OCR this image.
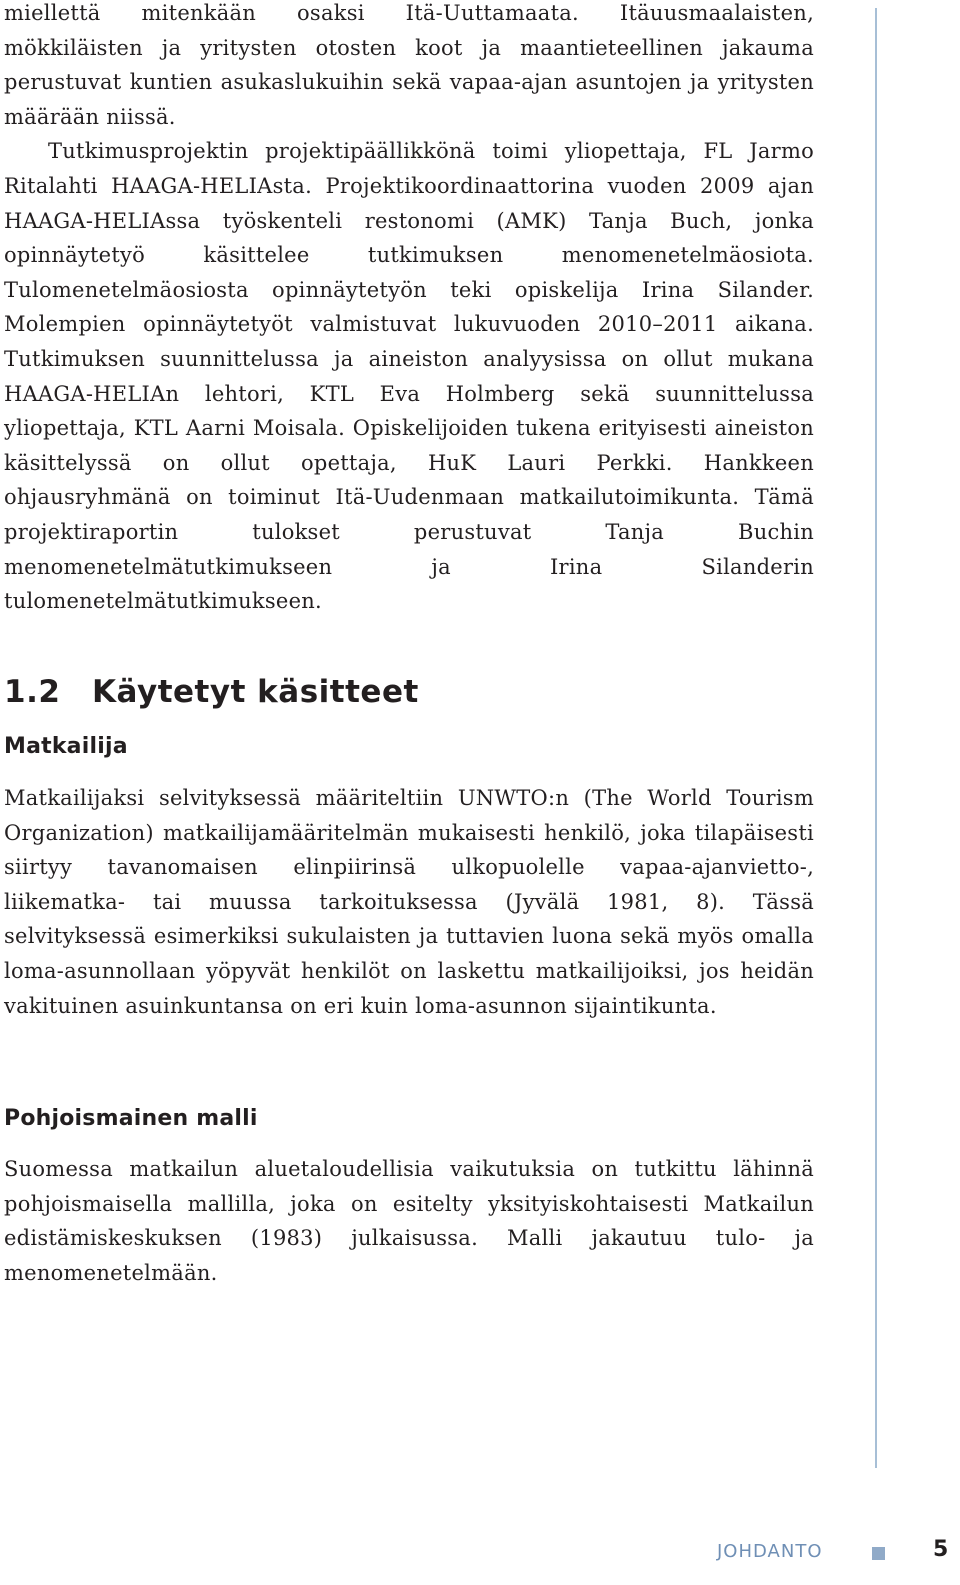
miellettä mitenkään osaksi Itä-Uuttamaata. Itäuusmaalaisten, mökkiläisten ja yritysten otosten koot ja maantieteellinen jakauma perustuvat kuntien asukaslukuihin sekä vapaa-ajan asuntojen ja yritysten määrään niissä.

Tutkimusprojektin projektipäällikkönä toimi yliopettaja, FL Jarmo Ritalahti HAAGA-HELIAsta. Projektikoordinaattorina vuoden 2009 ajan HAAGA-HELIAssa työskenteli restonomi (AMK) Tanja Buch, jonka opinnäytetyö käsittelee tutkimuksen menomenetelmäosiota. Tulomenetelmäosiosta opinnäytetyön teki opiskelija Irina Silander. Molempien opinnäytetyöt valmistuvat lukuvuoden 2010–2011 aikana. Tutkimuksen suunnittelussa ja aineiston analyysissa on ollut mukana HAAGA-HELIAn lehtori, KTL Eva Holmberg sekä suunnittelussa yliopettaja, KTL Aarni Moisala. Opiskelijoiden tukena erityisesti aineiston käsittelyssä on ollut opettaja, HuK Lauri Perkki. Hankkeen ohjausryhmänä on toiminut Itä-Uudenmaan matkailutoimikunta. Tämä projektiraportin tulokset perustuvat Tanja Buchin menomenetelmätutkimukseen ja Irina Silanderin tulomenetelmätutkimukseen.

1.2 Käytetyt käsitteet
Matkailija

Matkailijaksi selvityksessä määriteltiin UNWTO:n (The World Tourism Organization) matkailijamääritelmän mukaisesti henkilö, joka tilapäisesti siirtyy tavanomaisen elinpiirinsä ulkopuolelle vapaa-ajanvietto-, liikematka- tai muussa tarkoituksessa (Jyvälä 1981, 8). Tässä selvityksessä esimerkiksi sukulaisten ja tuttavien luona sekä myös omalla loma-asunnollaan yöpyvät henkilöt on laskettu matkailijoiksi, jos heidän vakituinen asuinkuntansa on eri kuin loma-asunnon sijaintikunta.

Pohjoismainen malli

Suomessa matkailun aluetaloudellisia vaikutuksia on tutkittu lähinnä pohjoismaisella mallilla, joka on esitelty yksityiskohtaisesti Matkailun edistämiskeskuksen (1983) julkaisussa. Malli jakautuu tulo- ja menomenetelmään.

JOHDANTO	5
